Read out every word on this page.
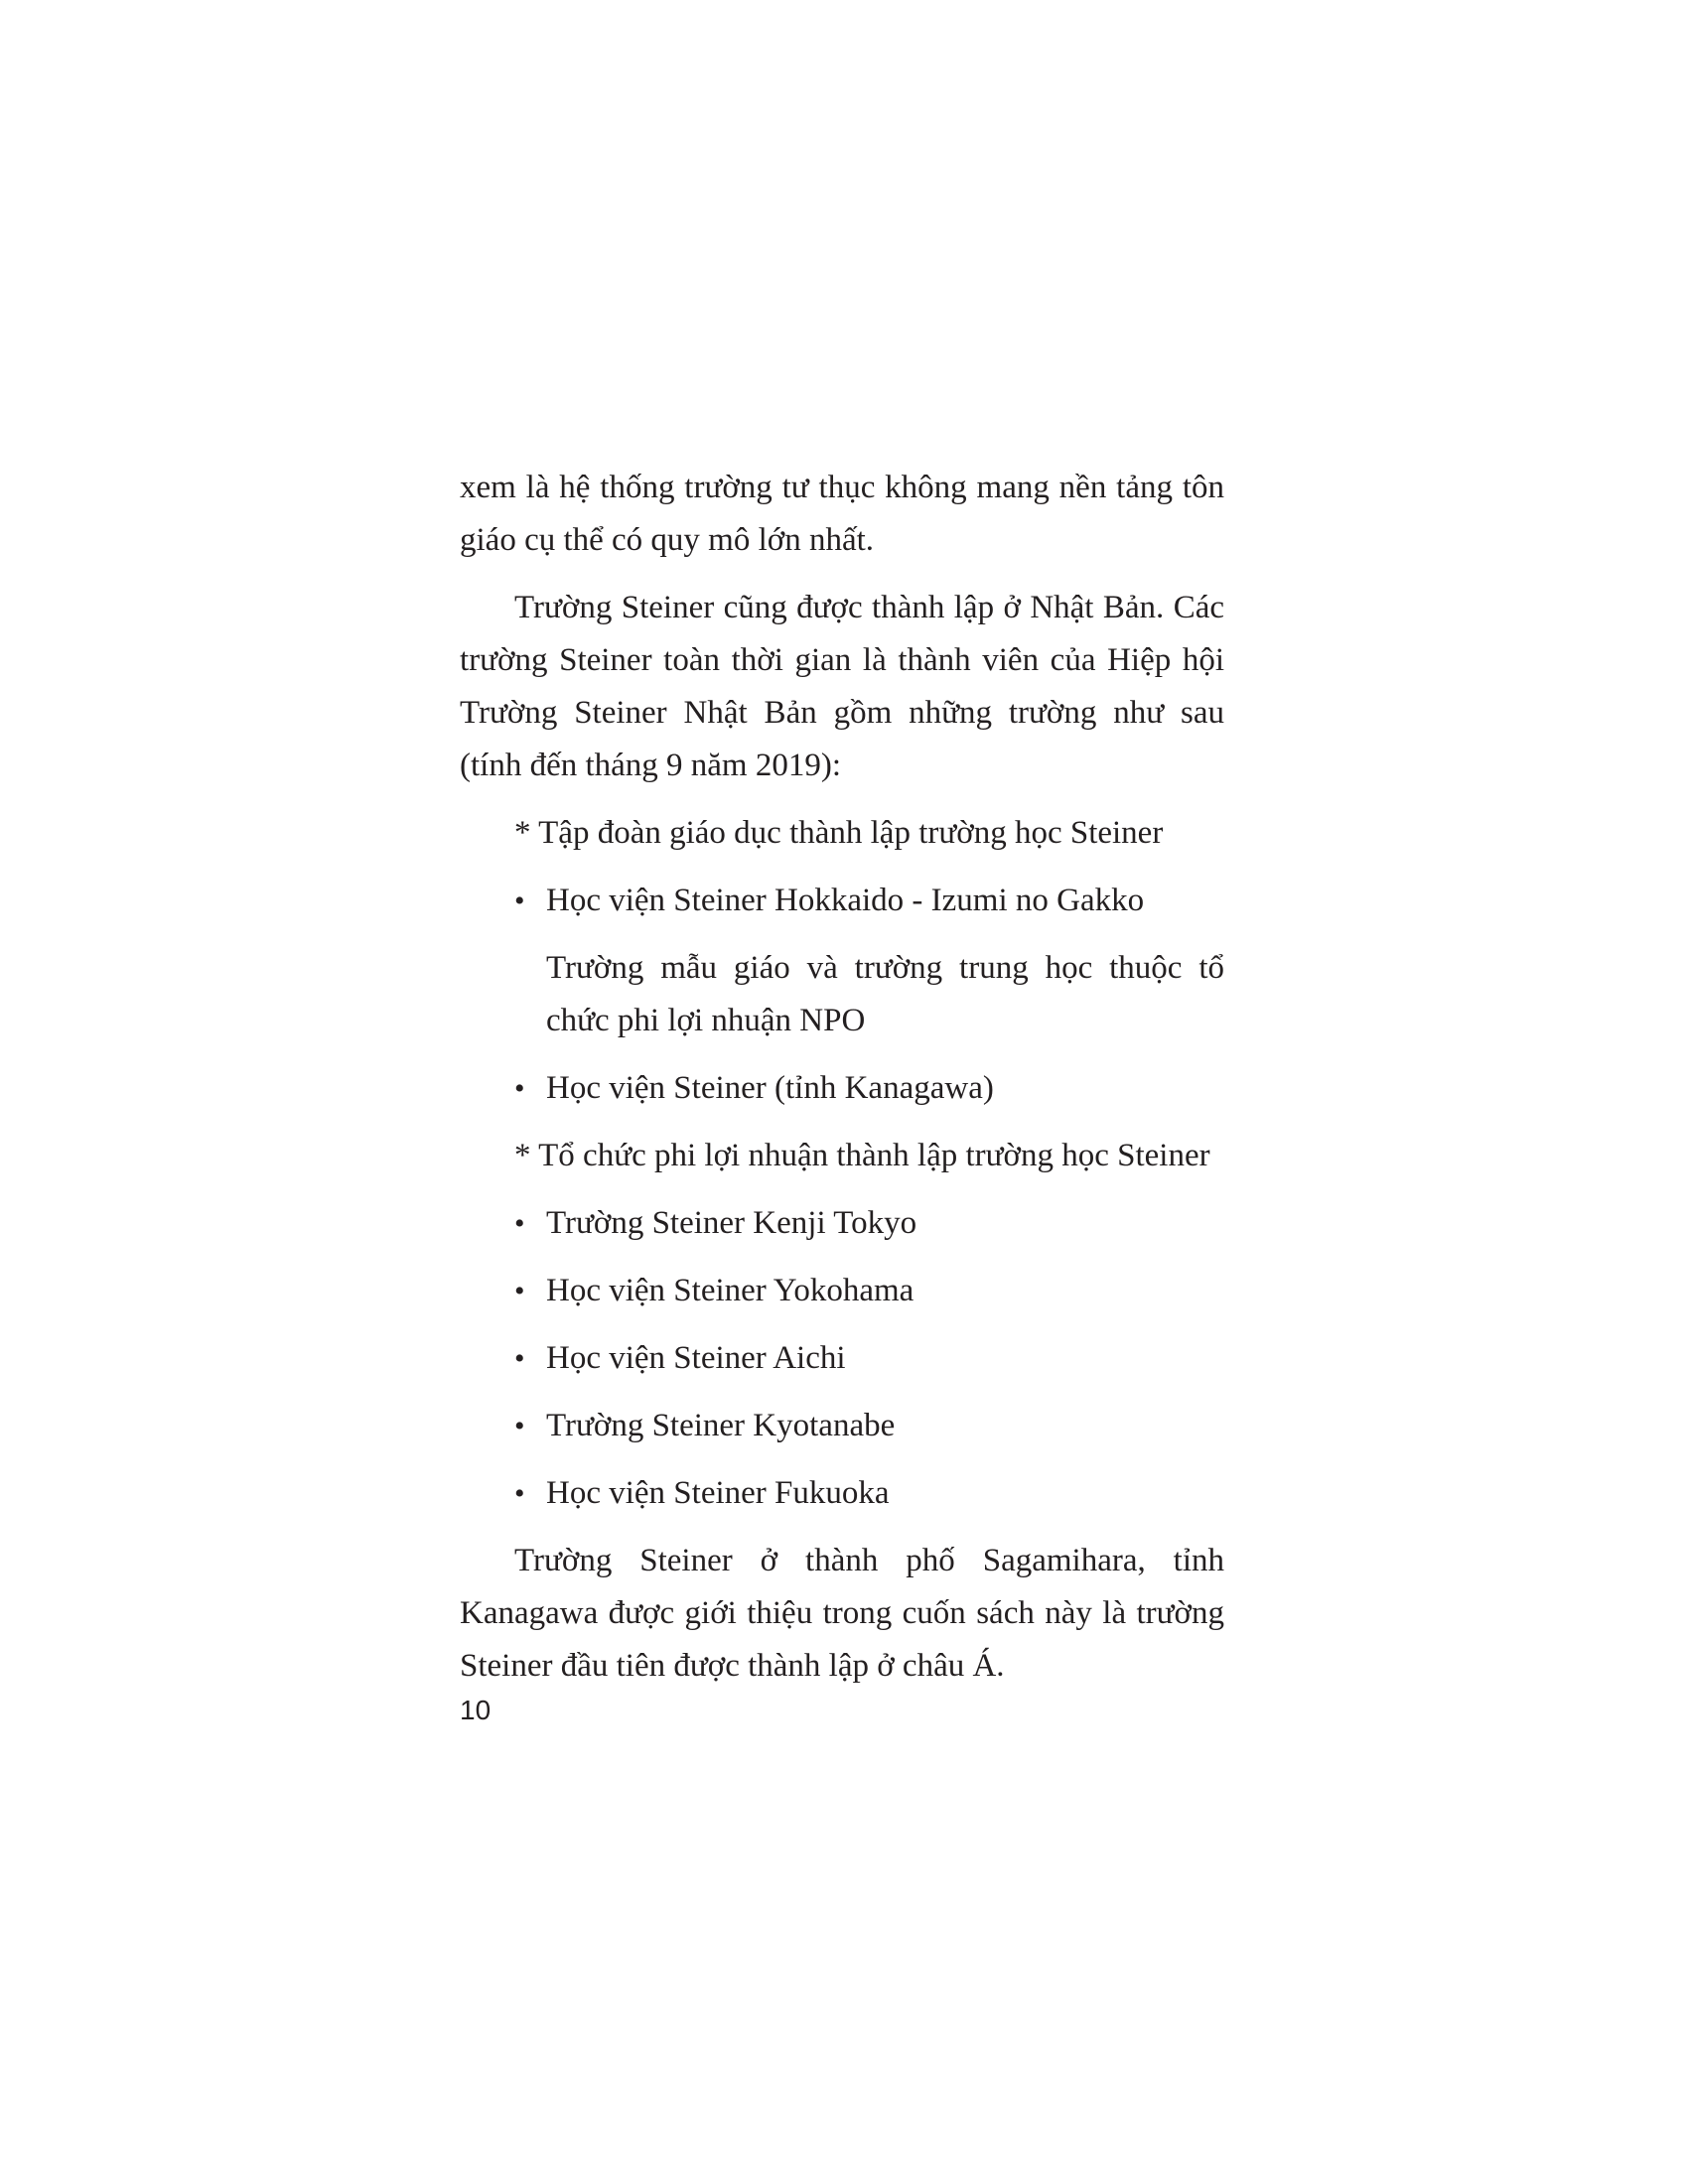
xem là hệ thống trường tư thục không mang nền tảng tôn giáo cụ thể có quy mô lớn nhất.

Trường Steiner cũng được thành lập ở Nhật Bản. Các trường Steiner toàn thời gian là thành viên của Hiệp hội Trường Steiner Nhật Bản gồm những trường như sau (tính đến tháng 9 năm 2019):

* Tập đoàn giáo dục thành lập trường học Steiner
• Học viện Steiner Hokkaido - Izumi no Gakko
Trường mẫu giáo và trường trung học thuộc tổ chức phi lợi nhuận NPO
• Học viện Steiner (tỉnh Kanagawa)
* Tổ chức phi lợi nhuận thành lập trường học Steiner
• Trường Steiner Kenji Tokyo
• Học viện Steiner Yokohama
• Học viện Steiner Aichi
• Trường Steiner Kyotanabe
• Học viện Steiner Fukuoka

Trường Steiner ở thành phố Sagamihara, tỉnh Kanagawa được giới thiệu trong cuốn sách này là trường Steiner đầu tiên được thành lập ở châu Á.

10
